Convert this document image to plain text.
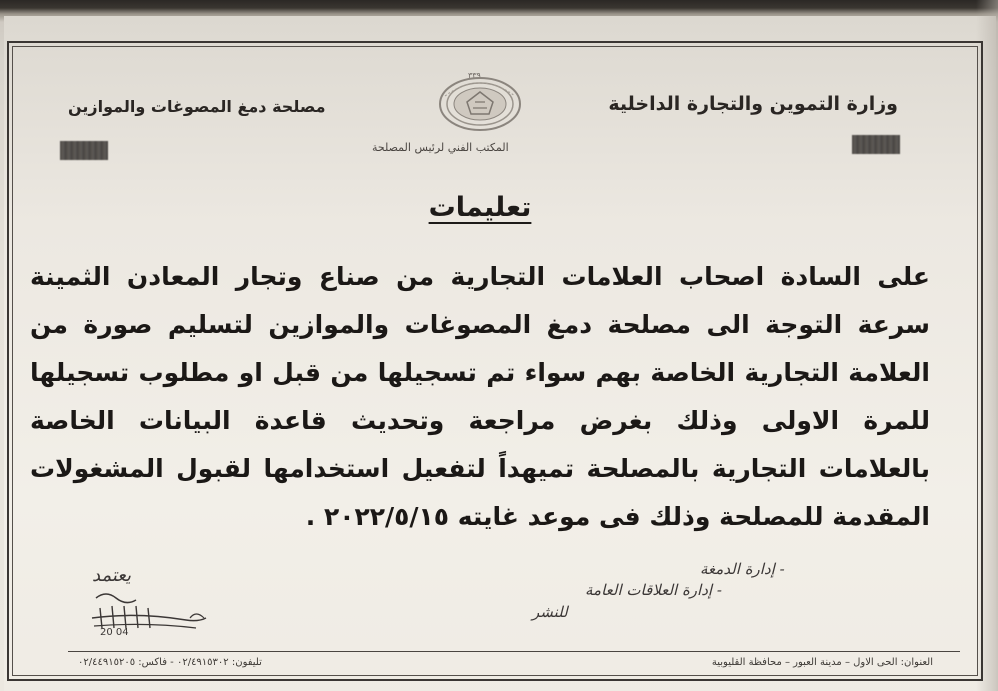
وزارة التموين والتجارة الداخلية
مصلحة دمغ المصوغات والموازين
المكتب الفني لرئيس المصلحة
٣٣٩
تعليمات
على السادة اصحاب العلامات التجارية من صناع وتجار المعادن الثمينة
سرعة التوجة الى مصلحة دمغ المصوغات والموازين لتسليم صورة من
العلامة التجارية الخاصة بهم سواء تم تسجيلها من قبل او مطلوب تسجيلها
للمرة الاولى وذلك بغرض مراجعة وتحديث قاعدة البيانات الخاصة
بالعلامات التجارية بالمصلحة تميهداً لتفعيل استخدامها لقبول المشغولات
المقدمة للمصلحة وذلك فى موعد غايته ٢٠٢٢/٥/١٥ .
يعتمد
20 04
- إدارة الدمغة
- إدارة العلاقات العامة
للنشر
العنوان: الحى الاول – مدينة العبور – محافظة القليوبية
تليفون: ٠٢/٤٩١٥٣٠٢ - فاكس: ٠٢/٤٤٩١٥٢٠٥
